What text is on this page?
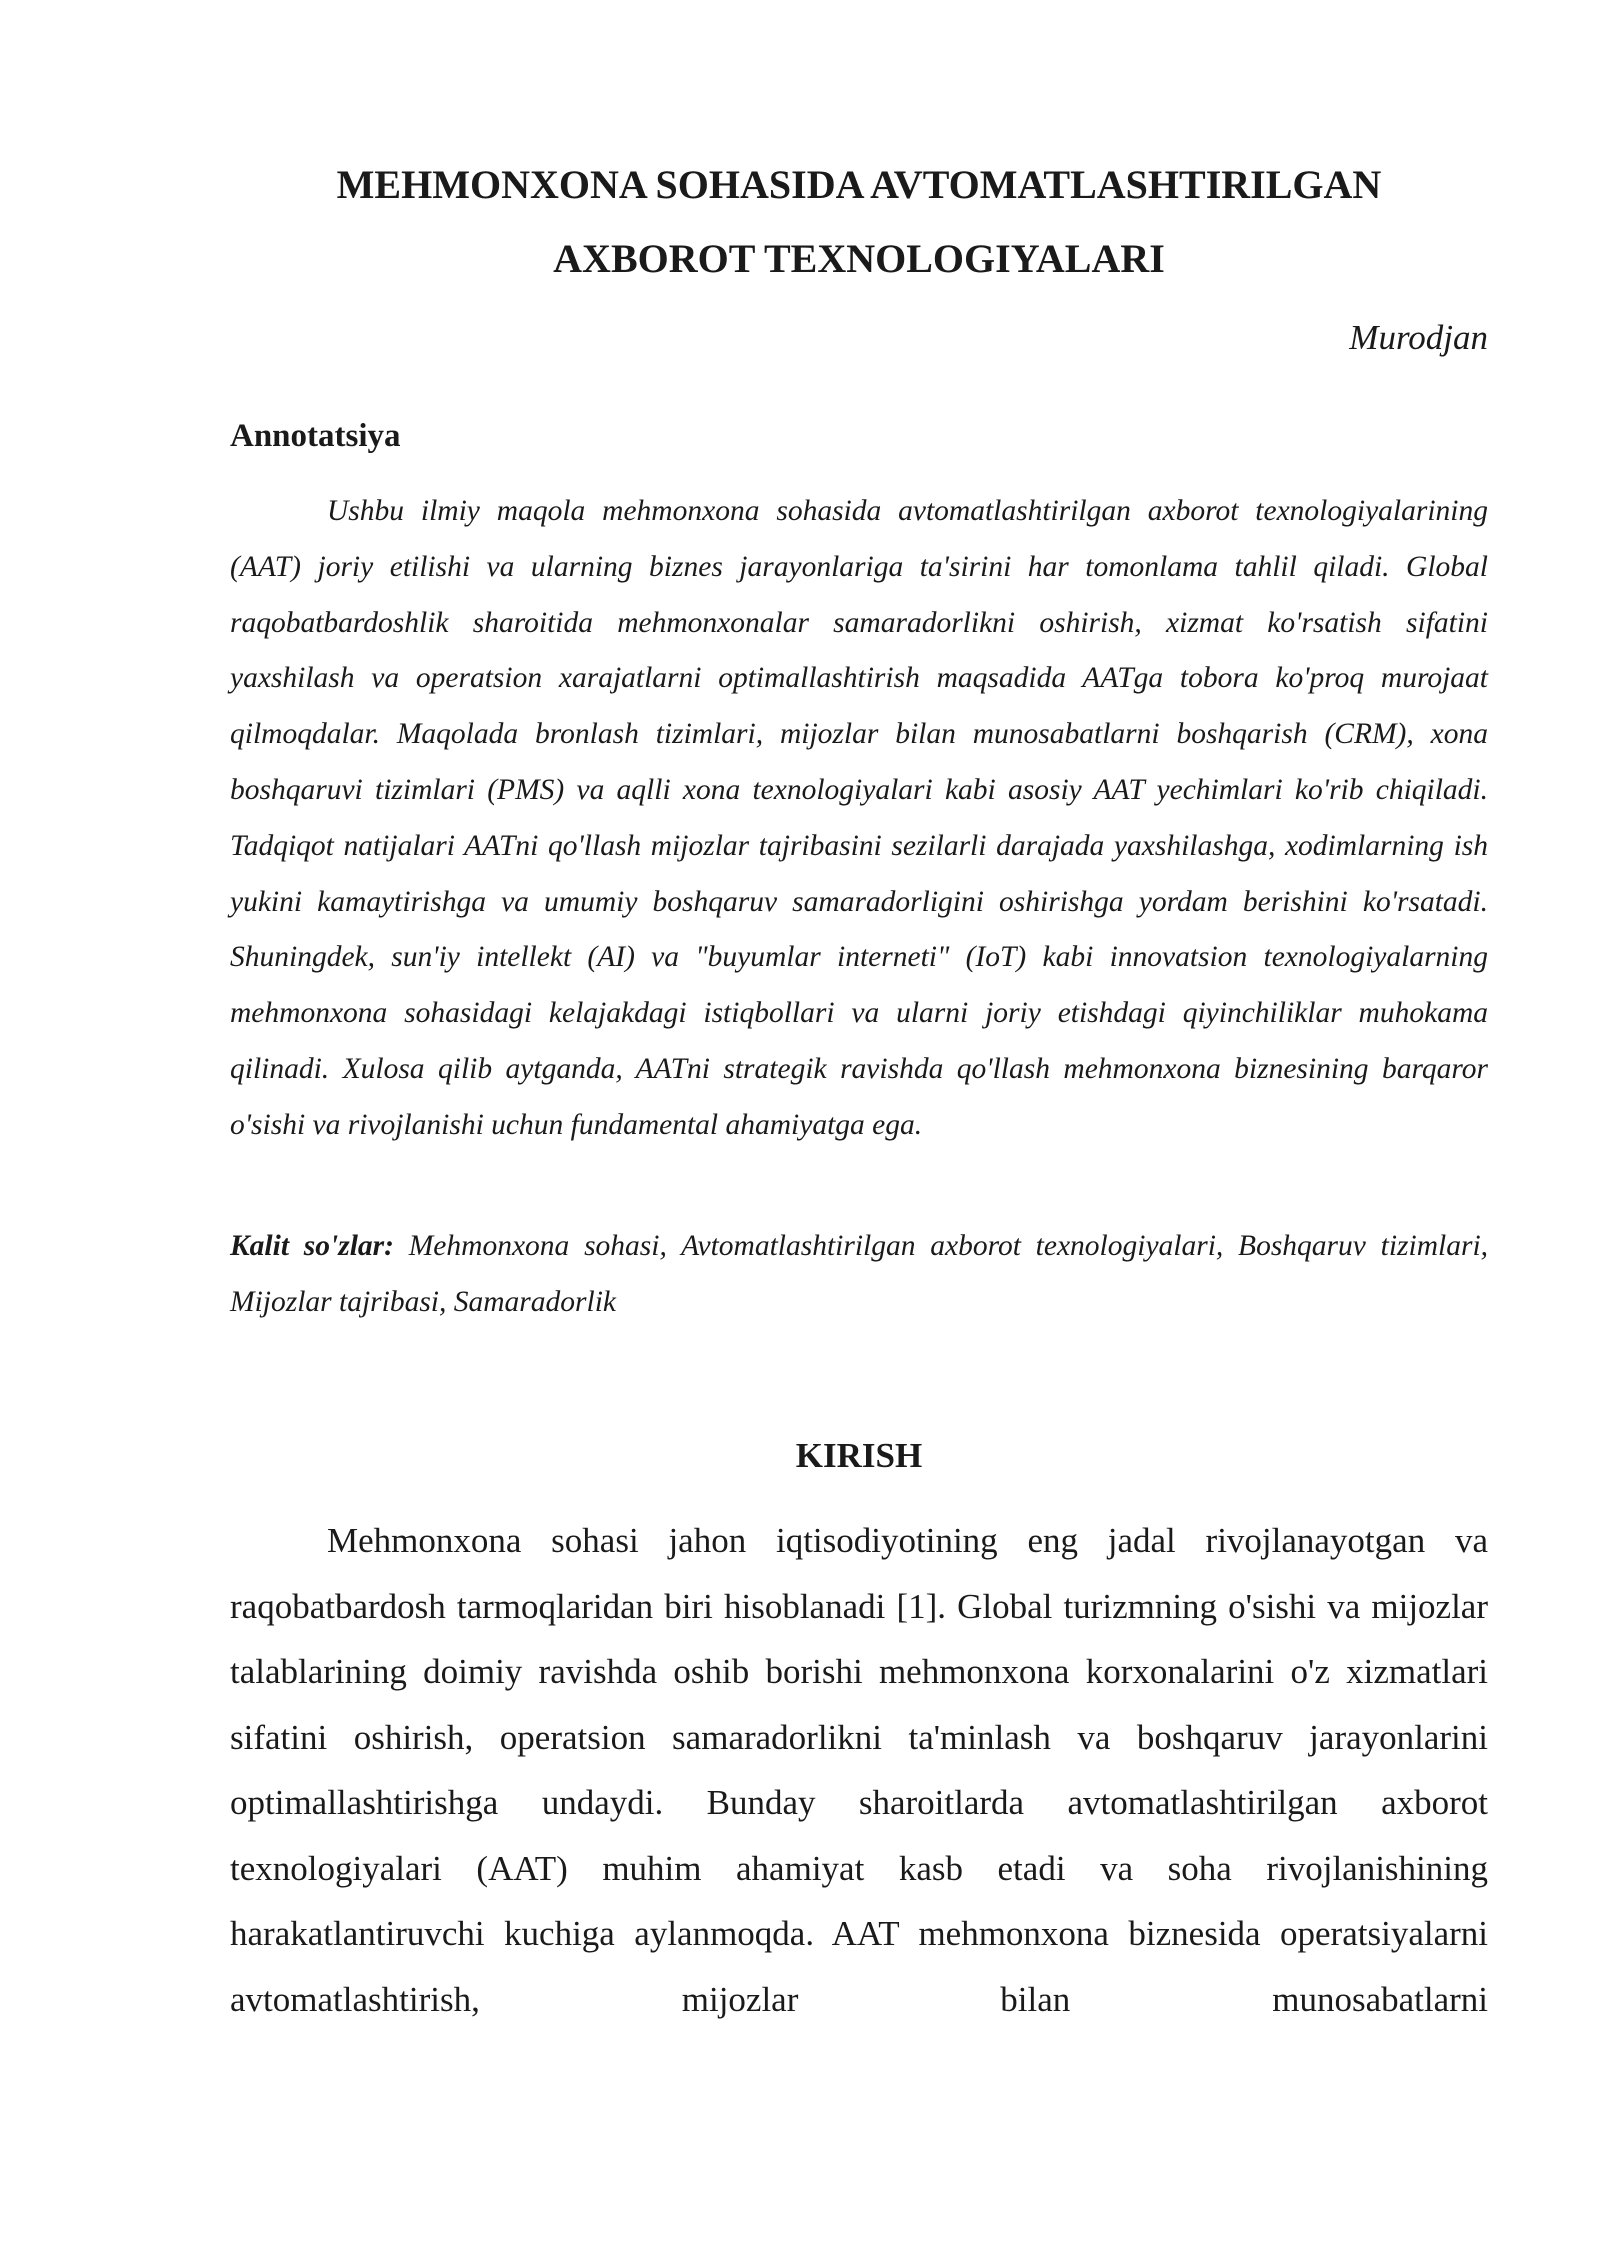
MEHMONXONA SOHASIDA AVTOMATLASHTIRILGAN
AXBOROT TEXNOLOGIYALARI
Murodjan
Annotatsiya

Ushbu ilmiy maqola mehmonxona sohasida avtomatlashtirilgan axborot texnologiyalarining (AAT) joriy etilishi va ularning biznes jarayonlariga ta'sirini har tomonlama tahlil qiladi. Global raqobatbardoshlik sharoitida mehmonxonalar samaradorlikni oshirish, xizmat ko'rsatish sifatini yaxshilash va operatsion xarajatlarni optimallashtirish maqsadida AATga tobora ko'proq murojaat qilmoqdalar. Maqolada bronlash tizimlari, mijozlar bilan munosabatlarni boshqarish (CRM), xona boshqaruvi tizimlari (PMS) va aqlli xona texnologiyalari kabi asosiy AAT yechimlari ko'rib chiqiladi. Tadqiqot natijalari AATni qo'llash mijozlar tajribasini sezilarli darajada yaxshilashga, xodimlarning ish yukini kamaytirishga va umumiy boshqaruv samaradorligini oshirishga yordam berishini ko'rsatadi. Shuningdek, sun'iy intellekt (AI) va "buyumlar interneti" (IoT) kabi innovatsion texnologiyalarning mehmonxona sohasidagi kelajakdagi istiqbollari va ularni joriy etishdagi qiyinchiliklar muhokama qilinadi. Xulosa qilib aytganda, AATni strategik ravishda qo'llash mehmonxona biznesining barqaror o'sishi va rivojlanishi uchun fundamental ahamiyatga ega.

Kalit so'zlar: Mehmonxona sohasi, Avtomatlashtirilgan axborot texnologiyalari, Boshqaruv tizimlari, Mijozlar tajribasi, Samaradorlik

KIRISH

Mehmonxona sohasi jahon iqtisodiyotining eng jadal rivojlanayotgan va raqobatbardosh tarmoqlaridan biri hisoblanadi [1]. Global turizmning o'sishi va mijozlar talablarining doimiy ravishda oshib borishi mehmonxona korxonalarini o'z xizmatlari sifatini oshirish, operatsion samaradorlikni ta'minlash va boshqaruv jarayonlarini optimallashtirishga undaydi. Bunday sharoitlarda avtomatlashtirilgan axborot texnologiyalari (AAT) muhim ahamiyat kasb etadi va soha rivojlanishining harakatlantiruvchi kuchiga aylanmoqda. AAT mehmonxona biznesida operatsiyalarni avtomatlashtirish, mijozlar bilan munosabatlarni
